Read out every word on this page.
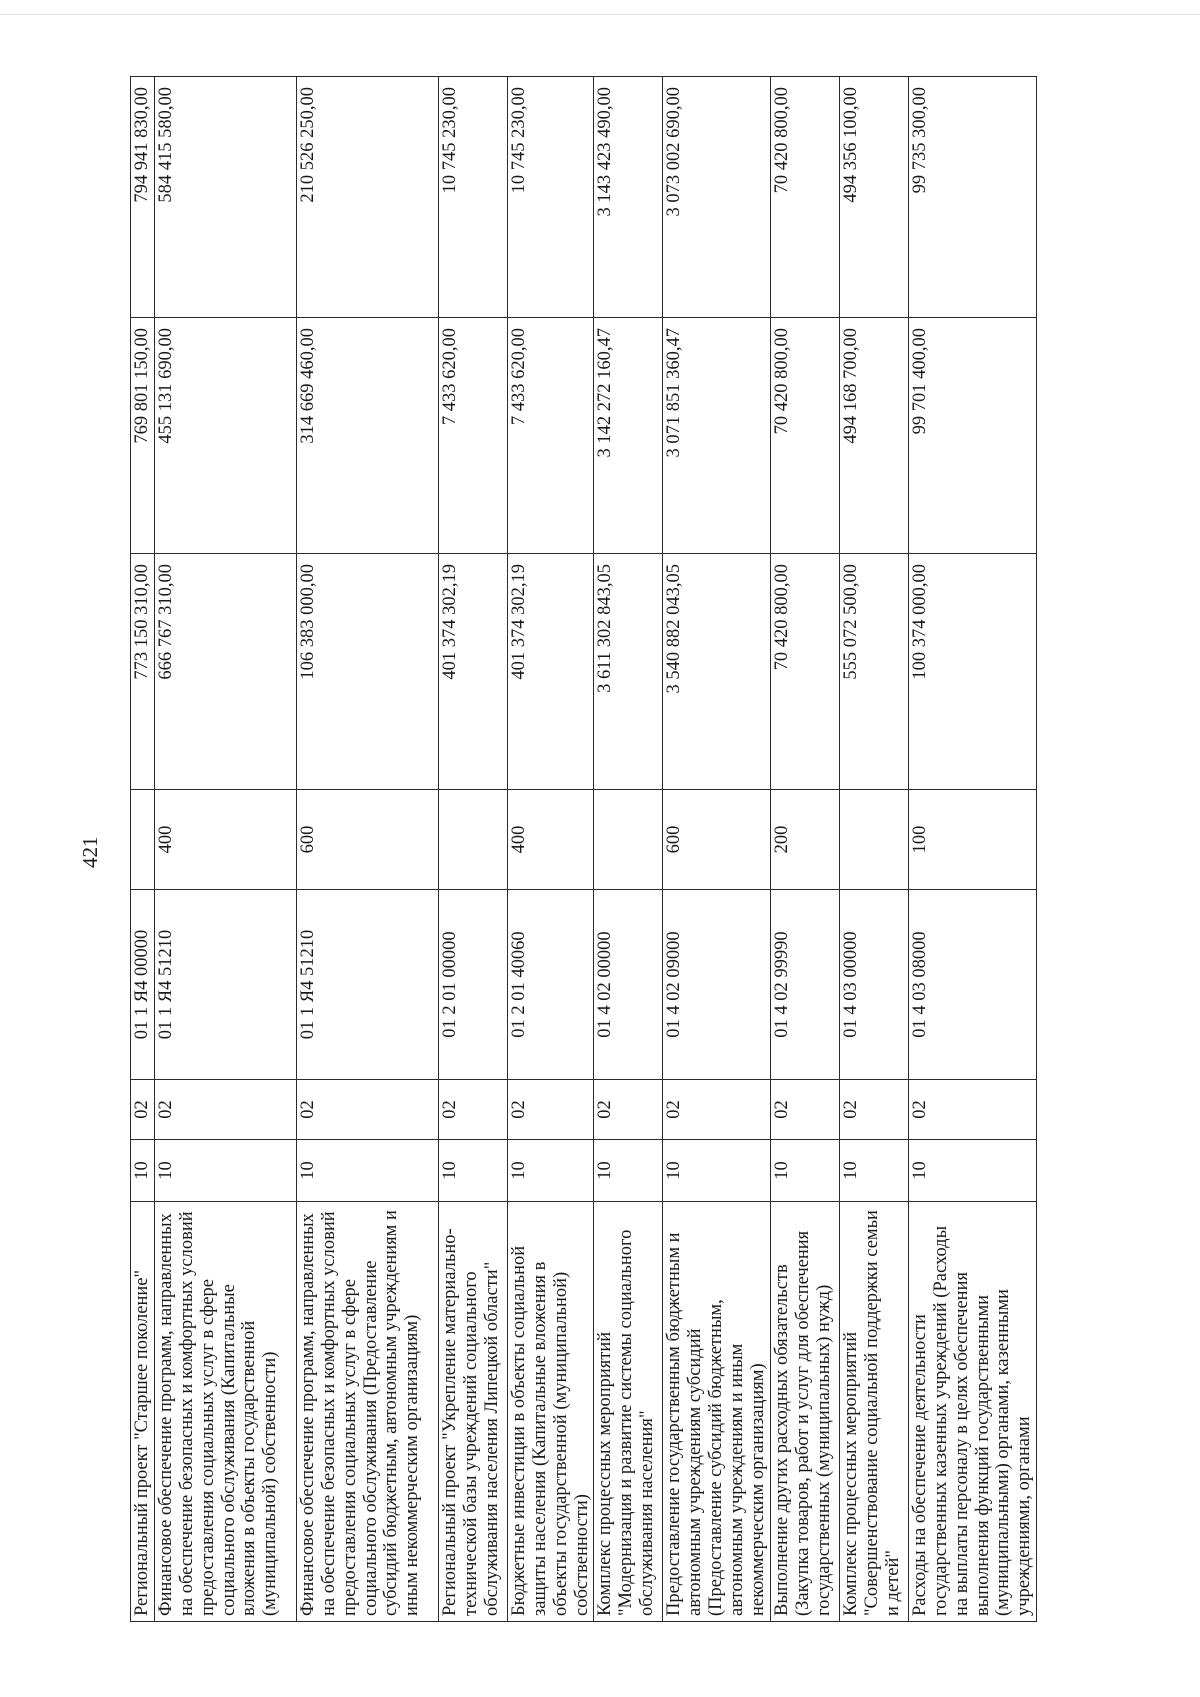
421
Региональный проект "Старшее поколение"	10	02	01 1 Я4 00000		773 150 310,00	769 801 150,00	794 941 830,00
Финансовое обеспечение программ, направленных на обеспечение безопасных и комфортных условий предоставления социальных услуг в сфере социального обслуживания (Капитальные вложения в объекты государственной (муниципальной) собственности)	10	02	01 1 Я4 51210	400	666 767 310,00	455 131 690,00	584 415 580,00
Финансовое обеспечение программ, направленных на обеспечение безопасных и комфортных условий предоставления социальных услуг в сфере социального обслуживания (Предоставление субсидий бюджетным, автономным учреждениям и иным некоммерческим организациям)	10	02	01 1 Я4 51210	600	106 383 000,00	314 669 460,00	210 526 250,00
Региональный проект "Укрепление материально-технической базы учреждений социального обслуживания населения Липецкой области"	10	02	01 2 01 00000		401 374 302,19	7 433 620,00	10 745 230,00
Бюджетные инвестиции в объекты социальной защиты населения (Капитальные вложения в объекты государственной (муниципальной) собственности)	10	02	01 2 01 40060	400	401 374 302,19	7 433 620,00	10 745 230,00
Комплекс процессных мероприятий "Модернизация и развитие системы социального обслуживания населения"	10	02	01 4 02 00000		3 611 302 843,05	3 142 272 160,47	3 143 423 490,00
Предоставление государственным бюджетным и автономным учреждениям субсидий (Предоставление субсидий бюджетным, автономным учреждениям и иным некоммерческим организациям)	10	02	01 4 02 09000	600	3 540 882 043,05	3 071 851 360,47	3 073 002 690,00
Выполнение других расходных обязательств (Закупка товаров, работ и услуг для обеспечения государственных (муниципальных) нужд)	10	02	01 4 02 99990	200	70 420 800,00	70 420 800,00	70 420 800,00
Комплекс процессных мероприятий "Совершенствование социальной поддержки семьи и детей"	10	02	01 4 03 00000		555 072 500,00	494 168 700,00	494 356 100,00
Расходы на обеспечение деятельности государственных казенных учреждений (Расходы на выплаты персоналу в целях обеспечения выполнения функций государственными (муниципальными) органами, казенными учреждениями, органами	10	02	01 4 03 08000	100	100 374 000,00	99 701 400,00	99 735 300,00
